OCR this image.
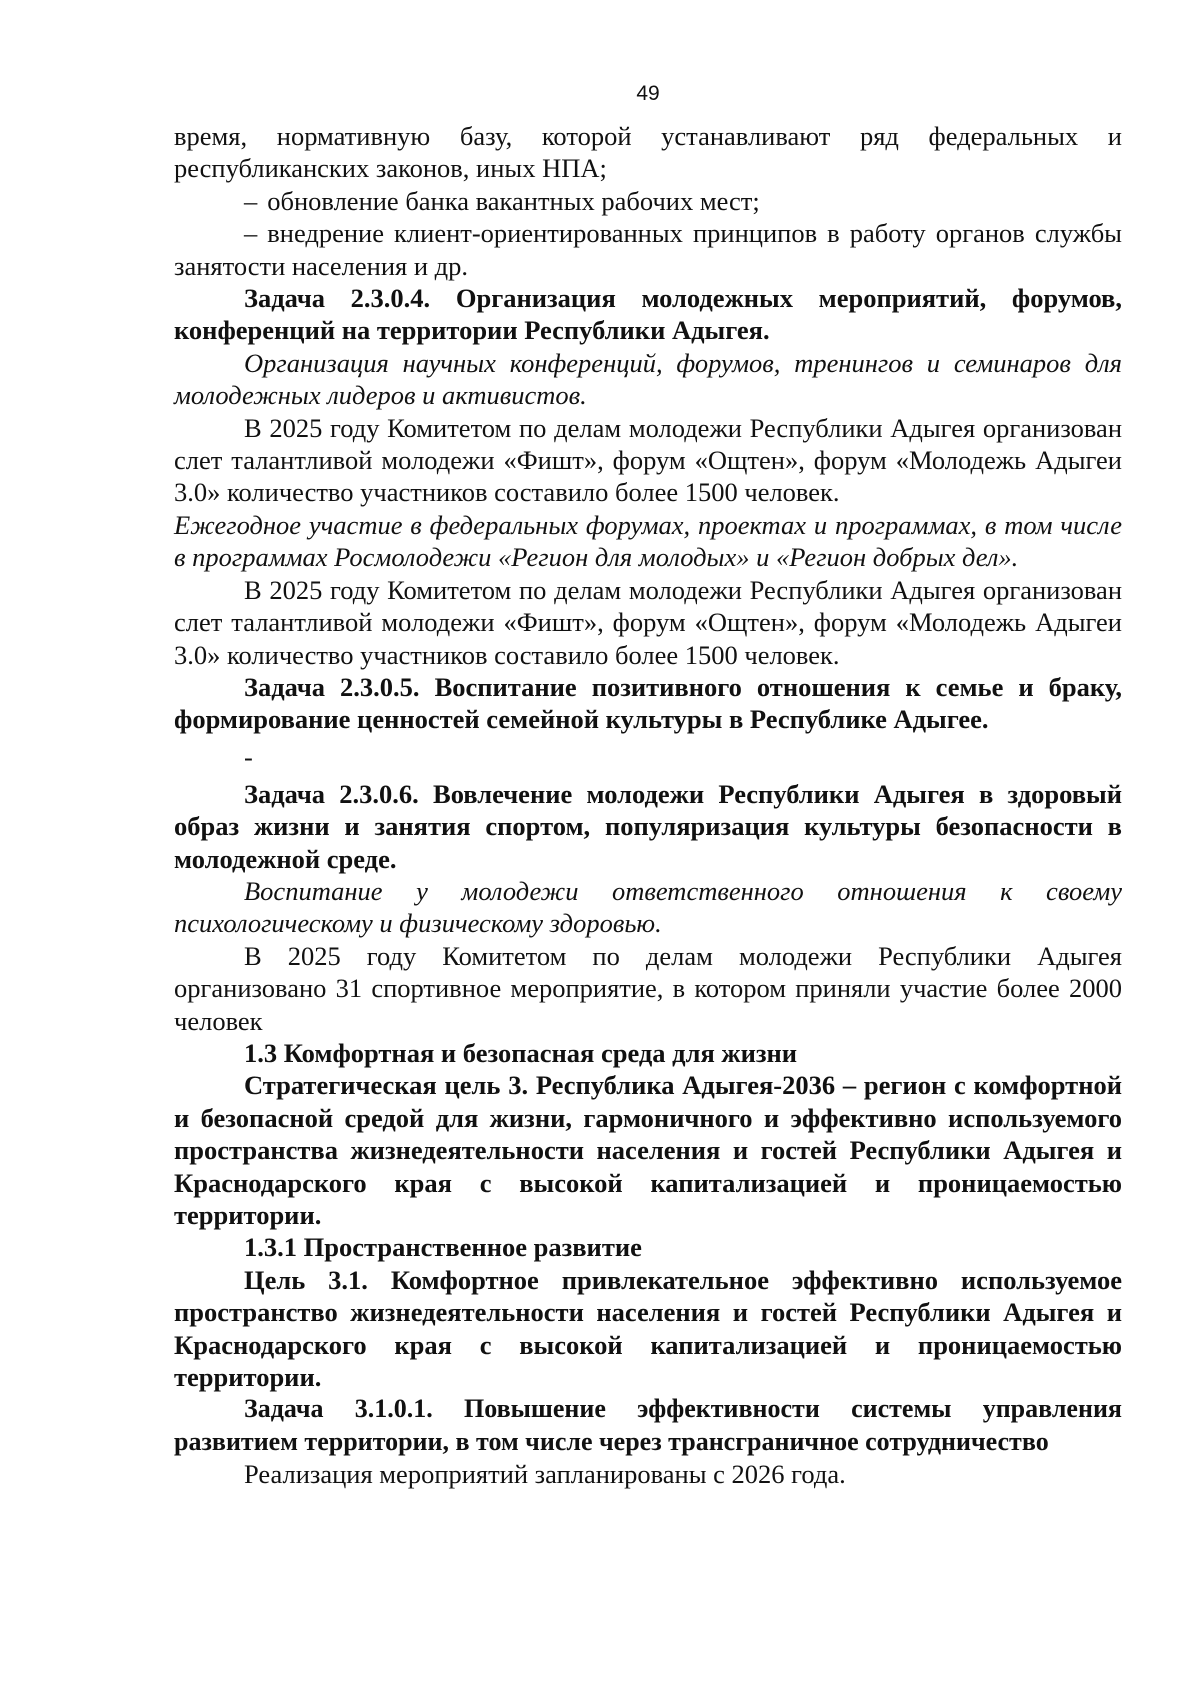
49

время, нормативную базу, которой устанавливают ряд федеральных и республиканских законов, иных НПА;

– обновление банка вакантных рабочих мест;

– внедрение клиент-ориентированных принципов в работу органов службы занятости населения и др.

Задача 2.3.0.4. Организация молодежных мероприятий, форумов, конференций на территории Республики Адыгея.

Организация научных конференций, форумов, тренингов и семинаров для молодежных лидеров и активистов.

В 2025 году Комитетом по делам молодежи Республики Адыгея организован слет талантливой молодежи «Фишт», форум «Ощтен», форум «Молодежь Адыгеи 3.0» количество участников составило более 1500 человек.

Ежегодное участие в федеральных форумах, проектах и программах, в том числе в программах Росмолодежи «Регион для молодых» и «Регион добрых дел».

В 2025 году Комитетом по делам молодежи Республики Адыгея организован слет талантливой молодежи «Фишт», форум «Ощтен», форум «Молодежь Адыгеи 3.0» количество участников составило более 1500 человек.

Задача 2.3.0.5. Воспитание позитивного отношения к семье и браку, формирование ценностей семейной культуры в Республике Адыгее.

-

Задача 2.3.0.6. Вовлечение молодежи Республики Адыгея в здоровый образ жизни и занятия спортом, популяризация культуры безопасности в молодежной среде.

Воспитание у молодежи ответственного отношения к своему психологическому и физическому здоровью.

В 2025 году Комитетом по делам молодежи Республики Адыгея организовано 31 спортивное мероприятие, в котором приняли участие более 2000 человек

1.3 Комфортная и безопасная среда для жизни

Стратегическая цель 3. Республика Адыгея-2036 – регион с комфортной и безопасной средой для жизни, гармоничного и эффективно используемого пространства жизнедеятельности населения и гостей Республики Адыгея и Краснодарского края с высокой капитализацией и проницаемостью территории.

1.3.1 Пространственное развитие

Цель 3.1. Комфортное привлекательное эффективно используемое пространство жизнедеятельности населения и гостей Республики Адыгея и Краснодарского края с высокой капитализацией и проницаемостью территории.

Задача 3.1.0.1. Повышение эффективности системы управления развитием территории, в том числе через трансграничное сотрудничество

Реализация мероприятий запланированы с 2026 года.
